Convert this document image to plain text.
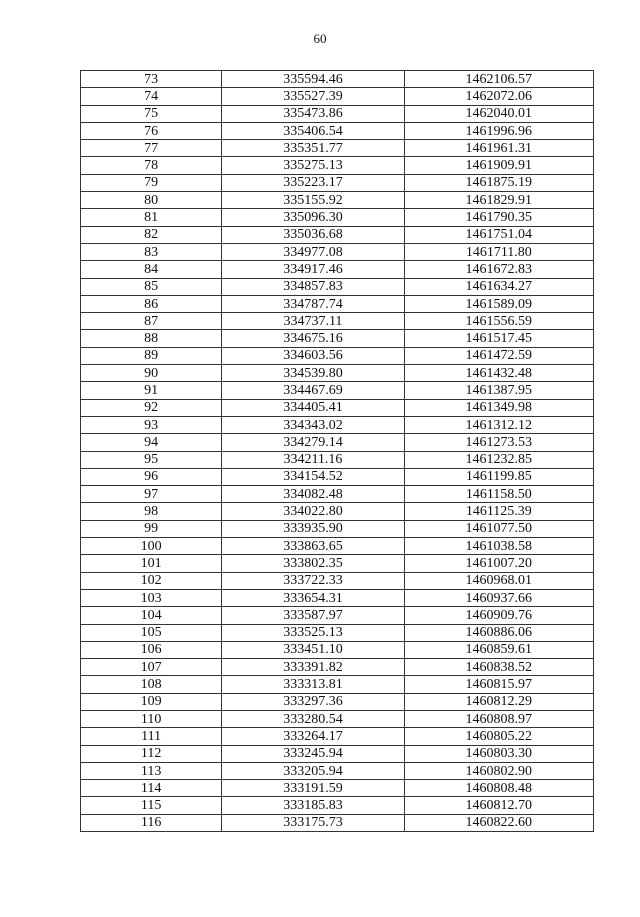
60
73	335594.46	1462106.57
74	335527.39	1462072.06
75	335473.86	1462040.01
76	335406.54	1461996.96
77	335351.77	1461961.31
78	335275.13	1461909.91
79	335223.17	1461875.19
80	335155.92	1461829.91
81	335096.30	1461790.35
82	335036.68	1461751.04
83	334977.08	1461711.80
84	334917.46	1461672.83
85	334857.83	1461634.27
86	334787.74	1461589.09
87	334737.11	1461556.59
88	334675.16	1461517.45
89	334603.56	1461472.59
90	334539.80	1461432.48
91	334467.69	1461387.95
92	334405.41	1461349.98
93	334343.02	1461312.12
94	334279.14	1461273.53
95	334211.16	1461232.85
96	334154.52	1461199.85
97	334082.48	1461158.50
98	334022.80	1461125.39
99	333935.90	1461077.50
100	333863.65	1461038.58
101	333802.35	1461007.20
102	333722.33	1460968.01
103	333654.31	1460937.66
104	333587.97	1460909.76
105	333525.13	1460886.06
106	333451.10	1460859.61
107	333391.82	1460838.52
108	333313.81	1460815.97
109	333297.36	1460812.29
110	333280.54	1460808.97
111	333264.17	1460805.22
112	333245.94	1460803.30
113	333205.94	1460802.90
114	333191.59	1460808.48
115	333185.83	1460812.70
116	333175.73	1460822.60
